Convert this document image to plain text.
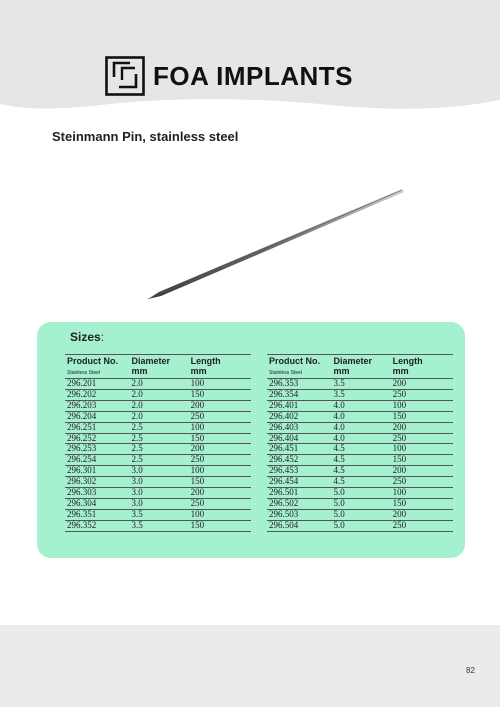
FOA IMPLANTS
Steinmann Pin, stainless steel
Sizes:
Product No.	Diameter	Length
Stainless Steel	mm	mm
296.201	2.0	100
296.202	2.0	150
296.203	2.0	200
296.204	2.0	250
296.251	2.5	100
296.252	2.5	150
296.253	2.5	200
296.254	2.5	250
296.301	3.0	100
296.302	3.0	150
296.303	3.0	200
296.304	3.0	250
296.351	3.5	100
296.352	3.5	150
Product No.	Diameter	Length
Stainless Steel	mm	mm
296.353	3.5	200
296.354	3.5	250
296.401	4.0	100
296.402	4.0	150
296.403	4.0	200
296.404	4.0	250
296.451	4.5	100
296.452	4.5	150
296.453	4.5	200
296.454	4.5	250
296.501	5.0	100
296.502	5.0	150
296.503	5.0	200
296.504	5.0	250
82
